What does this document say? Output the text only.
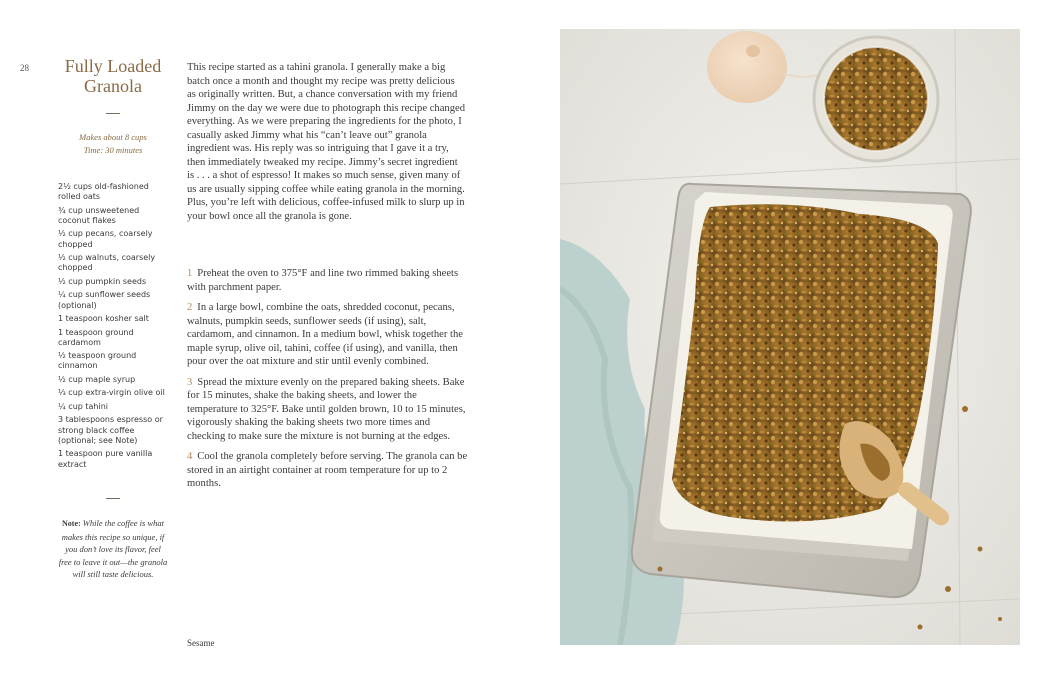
28	Fully Loaded
Granola
Makes about 8 cups
Time: 30 minutes
2½ cups old-fashioned rolled oats
¾ cup unsweetened coconut flakes
½ cup pecans, coarsely chopped
½ cup walnuts, coarsely chopped
½ cup pumpkin seeds
¼ cup sunflower seeds (optional)
1 teaspoon kosher salt
1 teaspoon ground cardamom
½ teaspoon ground cinnamon
½ cup maple syrup
⅓ cup extra-virgin olive oil
¼ cup tahini
3 tablespoons espresso or strong black coffee (optional; see Note)
1 teaspoon pure vanilla extract
Note: While the coffee is what makes this recipe so unique, if you don’t love its flavor, feel free to leave it out—the granola will still taste delicious.

This recipe started as a tahini granola. I generally make a big batch once a month and thought my recipe was pretty delicious as originally written. But, a chance conversation with my friend Jimmy on the day we were due to photograph this recipe changed everything. As we were preparing the ingredients for the photo, I casually asked Jimmy what his “can’t leave out” granola ingredient was. His reply was so intriguing that I gave it a try, then immediately tweaked my recipe. Jimmy’s secret ingredient is . . . a shot of espresso! It makes so much sense, given many of us are usually sipping coffee while eating granola in the morning. Plus, you’re left with delicious, coffee-infused milk to slurp up in your bowl once all the granola is gone.

1 Preheat the oven to 375°F and line two rimmed baking sheets with parchment paper.
2 In a large bowl, combine the oats, shredded coconut, pecans, walnuts, pumpkin seeds, sunflower seeds (if using), salt, cardamom, and cinnamon. In a medium bowl, whisk together the maple syrup, olive oil, tahini, coffee (if using), and vanilla, then pour over the oat mixture and stir until evenly combined.
3 Spread the mixture evenly on the prepared baking sheets. Bake for 15 minutes, shake the baking sheets, and lower the temperature to 325°F. Bake until golden brown, 10 to 15 minutes, vigorously shaking the baking sheets two more times and checking to make sure the mixture is not burning at the edges.
4 Cool the granola completely before serving. The granola can be stored in an airtight container at room temperature for up to 2 months.
Sesame
